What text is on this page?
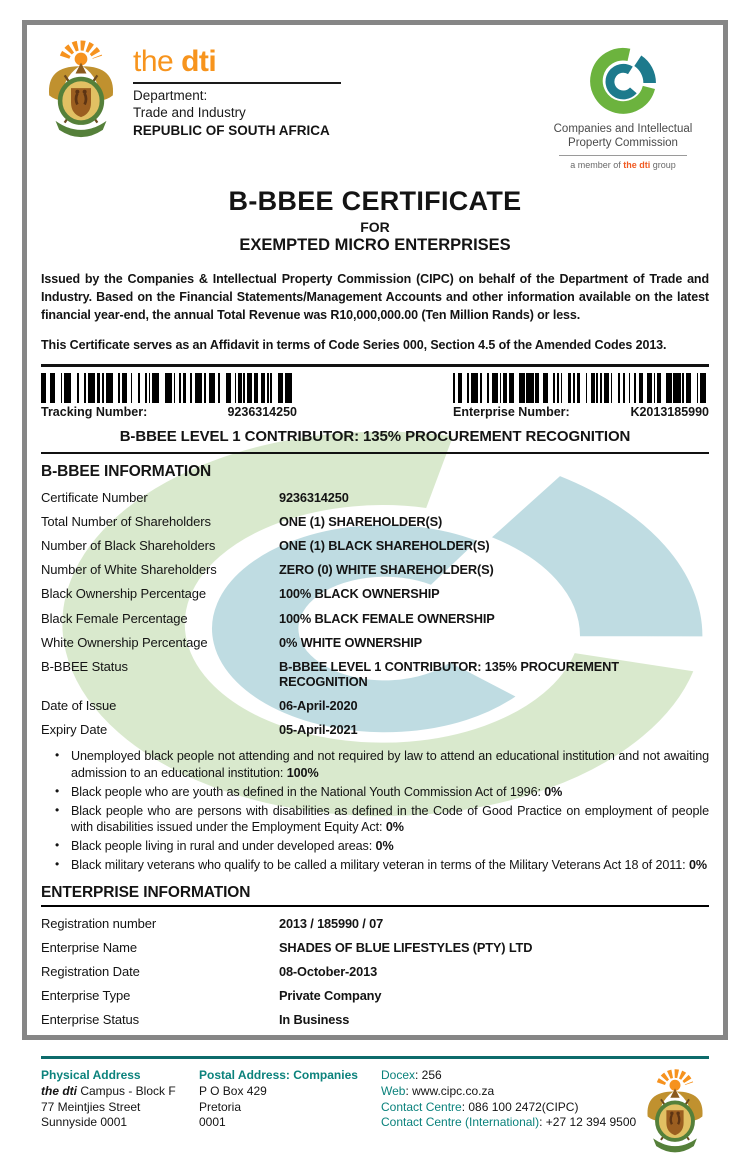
the dti
Department:
Trade and Industry
REPUBLIC OF SOUTH AFRICA	Companies and Intellectual
Property Commission
a member of the dti group
B-BBEE CERTIFICATE
FOR
EXEMPTED MICRO ENTERPRISES

Issued by the Companies & Intellectual Property Commission (CIPC) on behalf of the Department of Trade and Industry. Based on the Financial Statements/Management Accounts and other information available on the latest financial year-end, the annual Total Revenue was R10,000,000.00 (Ten Million Rands) or less.

This Certificate serves as an Affidavit in terms of Code Series 000, Section 4.5 of the Amended Codes 2013.

Tracking Number:	9236314250	Enterprise Number:	K2013185990
B-BBEE LEVEL 1 CONTRIBUTOR: 135% PROCUREMENT RECOGNITION
B-BBEE INFORMATION
Certificate Number	9236314250
Total Number of Shareholders	ONE (1) SHAREHOLDER(S)
Number of Black Shareholders	ONE (1) BLACK SHAREHOLDER(S)
Number of White Shareholders	ZERO (0) WHITE SHAREHOLDER(S)
Black Ownership Percentage	100% BLACK OWNERSHIP
Black Female Percentage	100% BLACK FEMALE OWNERSHIP
White Ownership Percentage	0% WHITE OWNERSHIP
B-BBEE Status	B-BBEE LEVEL 1 CONTRIBUTOR: 135% PROCUREMENT RECOGNITION
Date of Issue	06-April-2020
Expiry Date	05-April-2021
•
Unemployed black people not attending and not required by law to attend an educational institution and not awaiting admission to an educational institution: 100%
•
Black people who are youth as defined in the National Youth Commission Act of 1996: 0%
•
Black people who are persons with disabilities as defined in the Code of Good Practice on employment of people with disabilities issued under the Employment Equity Act: 0%
•
Black people living in rural and under developed areas: 0%
•
Black military veterans who qualify to be called a military veteran in terms of the Military Veterans Act 18 of 2011: 0%
ENTERPRISE INFORMATION
Registration number	2013 / 185990 / 07
Enterprise Name	SHADES OF BLUE LIFESTYLES (PTY) LTD
Registration Date	08-October-2013
Enterprise Type	Private Company
Enterprise Status	In Business
Physical Address
the dti Campus - Block F
77 Meintjies Street
Sunnyside 0001
Postal Address: Companies
P O Box 429
Pretoria
0001
Docex: 256
Web: www.cipc.co.za
Contact Centre: 086 100 2472(CIPC)
Contact Centre (International): +27 12 394 9500
